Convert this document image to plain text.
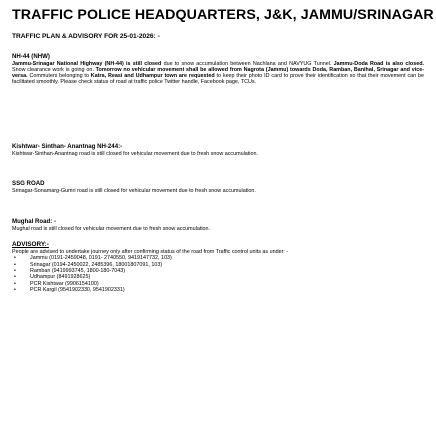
TRAFFIC POLICE HEADQUARTERS, J&K, JAMMU/SRINAGAR
TRAFFIC PLAN & ADVISORY FOR 25-01-2026: -
NH-44 (NHW)
Jammu-Srinagar National Highway (NH-44) is still closed due to snow accumulation between Nachlana and NAVYUG Tunnel. Jammu-Doda Road is also closed. Snow clearance work is going on. Tomorrow no vehicular movement shall be allowed from Nagrota (Jammu) towards Doda, Ramban, Banihal, Srinagar and vice-versa. Commuters belonging to Katra, Reasi and Udhampur town are requested to keep their photo ID card to prove their identification so that their movement can be facilitated smoothly. Please check status of road at traffic police Twitter handle, Facebook page, TCUs.
Kishtwar- Sinthan- Anantnag NH-244:-
Kishtwar-Sinthan-Anantnag road is still closed for vehicular movement due to fresh snow accumulation.
SSG ROAD
Srinagar-Sonamarg-Gumri road is still closed for vehicular movement due to fresh snow accumulation.
Mughal Road: -
Mughal road is still closed for vehicular movement due to fresh snow accumulation.
ADVISORY:-
People are advised to undertake journey only after confirming status of the road from Traffic control units as under: -
• Jammu (0191-2459048, 0191- 2740550, 9419147732, 103)
• Srinagar (0194-2450022, 2485396, 18001807091, 103)
• Ramban (9419993745, 1800-180-7043)
• Udhampur (8491928625)
• PCR Kishtwar (9906154100)
• PCR Kargil (9541902330, 9541902331)
